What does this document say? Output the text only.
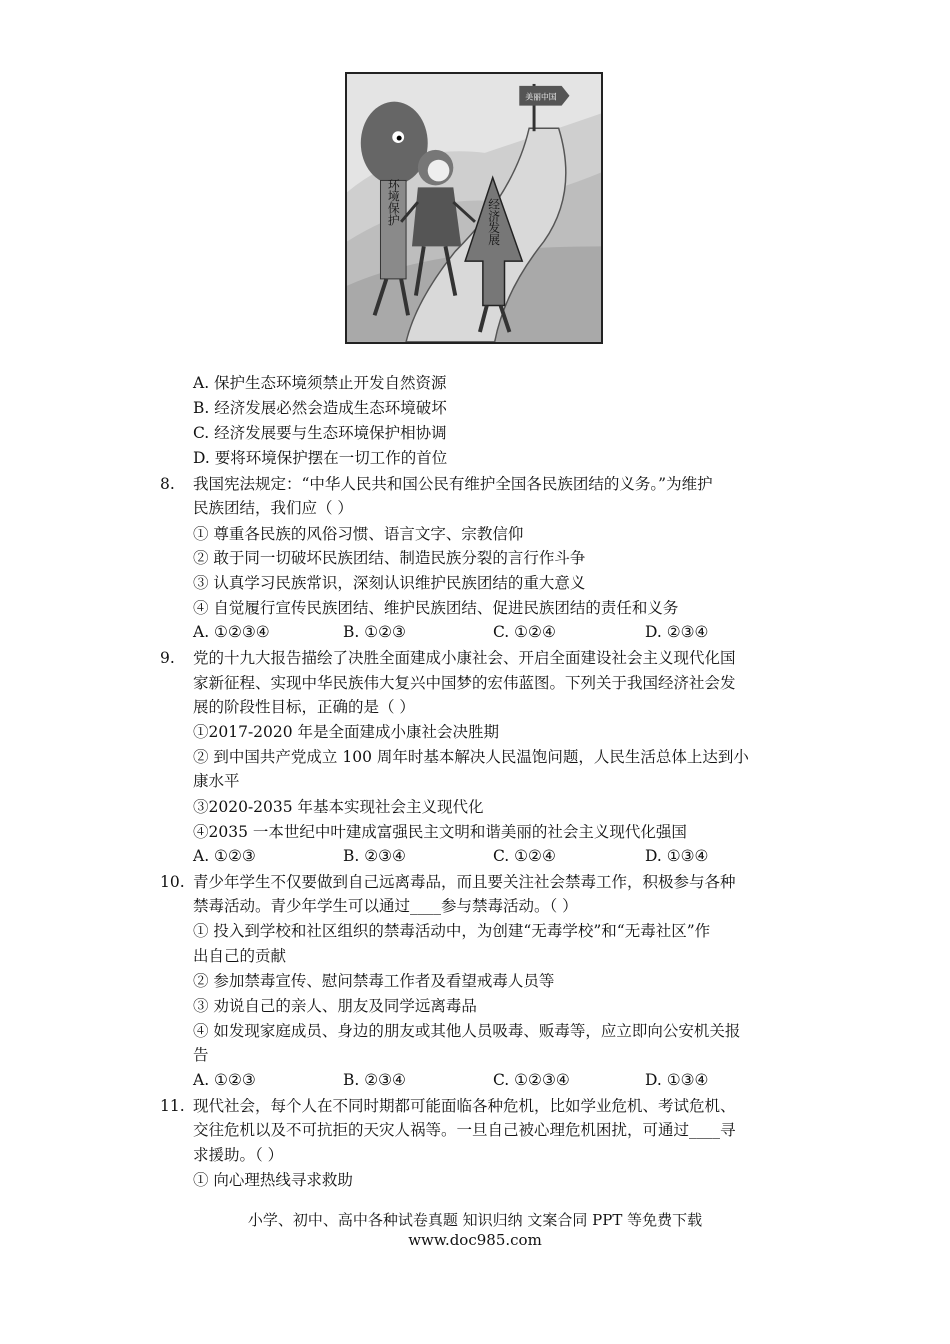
美丽中国
环境保护	经济发展
A. 保护生态环境须禁止开发自然资源
B. 经济发展必然会造成生态环境破坏
C. 经济发展要与生态环境保护相协调
D. 要将环境保护摆在一切工作的首位
8. 我国宪法规定：“中华人民共和国公民有维护全国各民族团结的义务。”为维护
民族团结，我们应（ ）
① 尊重各民族的风俗习惯、语言文字、宗教信仰
② 敢于同一切破坏民族团结、制造民族分裂的言行作斗争
③ 认真学习民族常识，深刻认识维护民族团结的重大意义
④ 自觉履行宣传民族团结、维护民族团结、促进民族团结的责任和义务
A. ①②③④	B. ①②③	C. ①②④	D. ②③④
9. 党的十九大报告描绘了决胜全面建成小康社会、开启全面建设社会主义现代化国
家新征程、实现中华民族伟大复兴中国梦的宏伟蓝图。下列关于我国经济社会发
展的阶段性目标，正确的是（ ）
①2017-2020 年是全面建成小康社会决胜期
② 到中国共产党成立 100 周年时基本解决人民温饱问题，人民生活总体上达到小
康水平
③2020-2035 年基本实现社会主义现代化
④2035 一本世纪中叶建成富强民主文明和谐美丽的社会主义现代化强国
A. ①②③	B. ②③④	C. ①②④	D. ①③④
10. 青少年学生不仅要做到自己远离毒品，而且要关注社会禁毒工作，积极参与各种
禁毒活动。青少年学生可以通过____参与禁毒活动。（ ）
① 投入到学校和社区组织的禁毒活动中，为创建“无毒学校”和“无毒社区”作
出自己的贡献
② 参加禁毒宣传、慰问禁毒工作者及看望戒毒人员等
③ 劝说自己的亲人、朋友及同学远离毒品
④ 如发现家庭成员、身边的朋友或其他人员吸毒、贩毒等，应立即向公安机关报
告
A. ①②③	B. ②③④	C. ①②③④	D. ①③④
11. 现代社会，每个人在不同时期都可能面临各种危机，比如学业危机、考试危机、
交往危机以及不可抗拒的天灾人祸等。一旦自己被心理危机困扰，可通过____寻
求援助。（ ）
① 向心理热线寻求救助
小学、初中、高中各种试卷真题 知识归纳 文案合同 PPT 等免费下载
www.doc985.com
